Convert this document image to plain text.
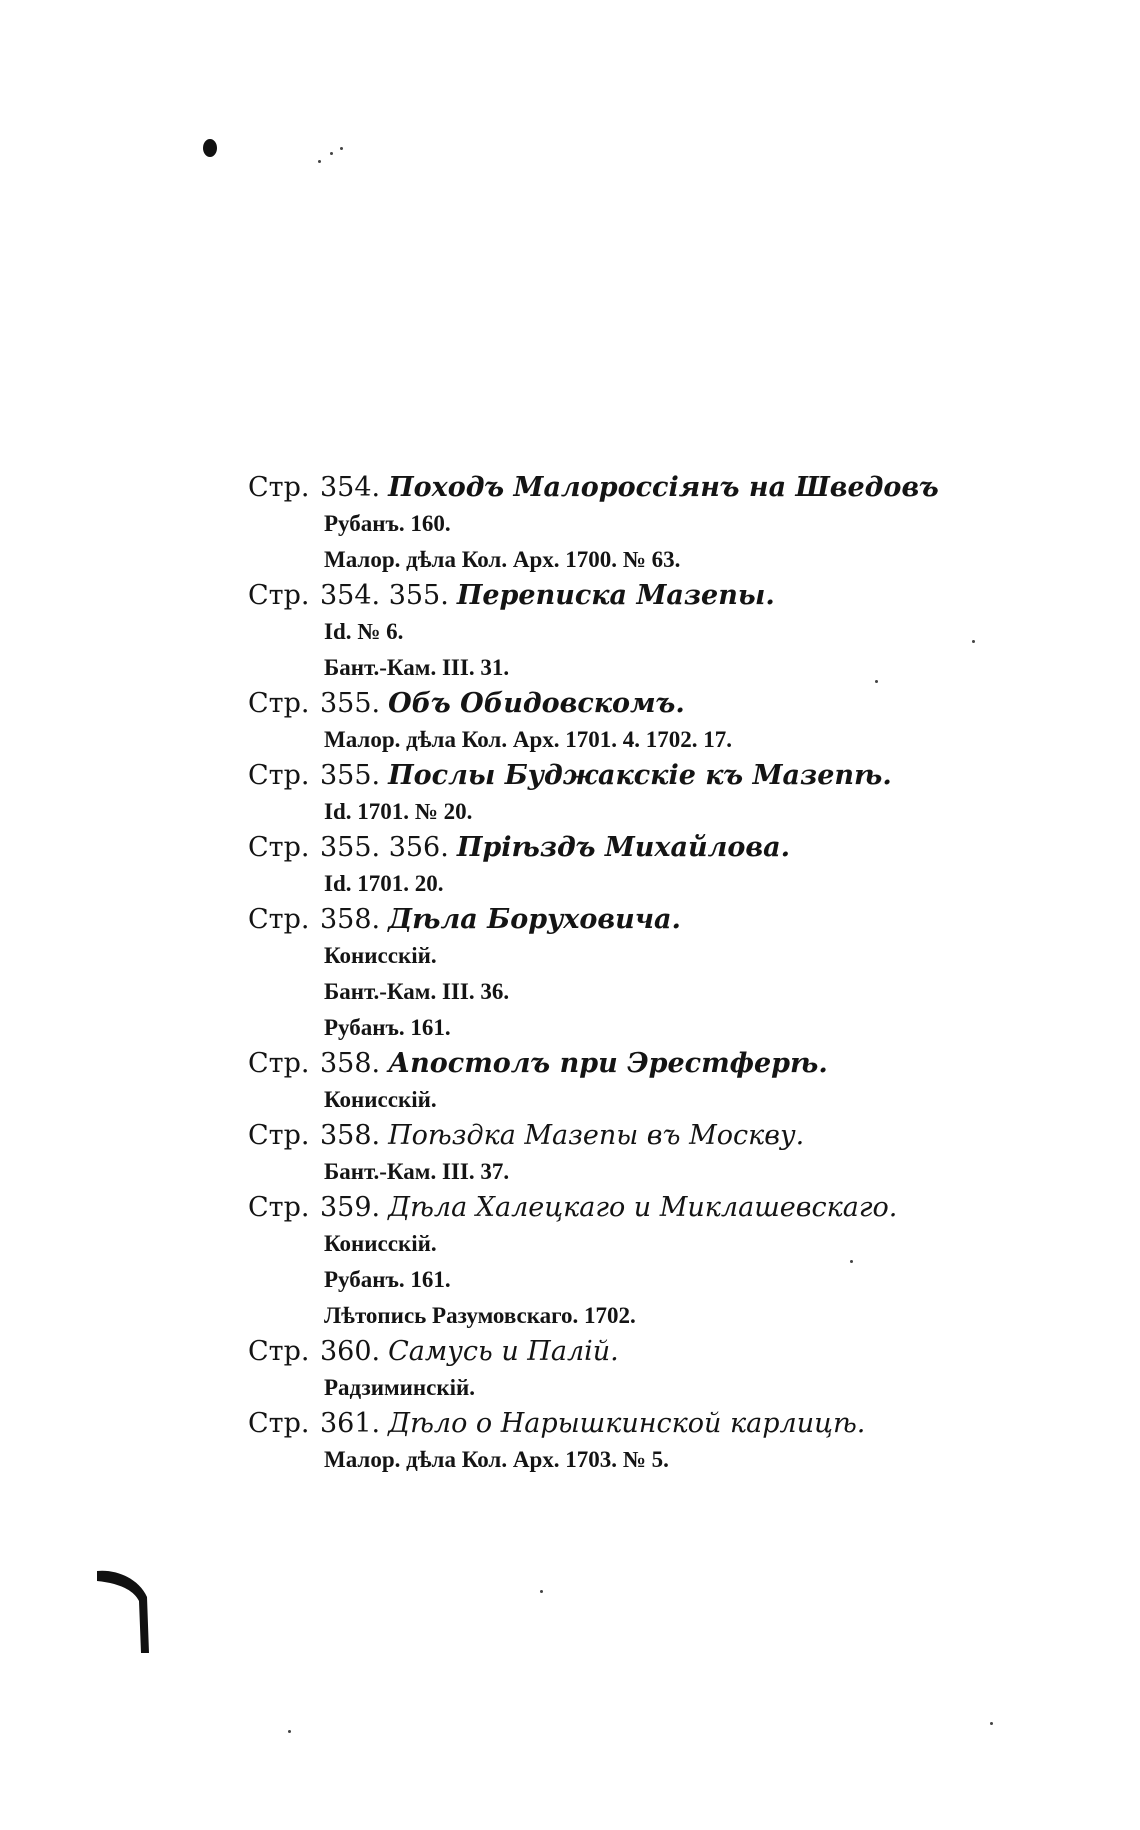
Стр. 354. Походъ Малороссіянъ на Шведовъ
Рубанъ. 160.
Малор. дѣла Кол. Арх. 1700. № 63.
Стр. 354. 355. Переписка Мазепы.
Id. № 6.
Бант.-Кам. III. 31.
Стр. 355. Объ Обидовскомъ.
Малор. дѣла Кол. Арх. 1701. 4. 1702. 17.
Стр. 355. Послы Буджакскіе къ Мазепѣ.
Id. 1701. № 20.
Стр. 355. 356. Пріѣздъ Михайлова.
Id. 1701. 20.
Стр. 358. Дѣла Боруховича.
Конисскій.
Бант.-Кам. III. 36.
Рубанъ. 161.
Стр. 358. Апостолъ при Эрестферѣ.
Конисскій.
Стр. 358. Поѣздка Мазепы въ Москву.
Бант.-Кам. III. 37.
Стр. 359. Дѣла Халецкаго и Миклашевскаго.
Конисскій.
Рубанъ. 161.
Лѣтопись Разумовскаго. 1702.
Стр. 360. Самусь и Палій.
Радзиминскій.
Стр. 361. Дѣло о Нарышкинской карлицѣ.
Малор. дѣла Кол. Арх. 1703. № 5.
